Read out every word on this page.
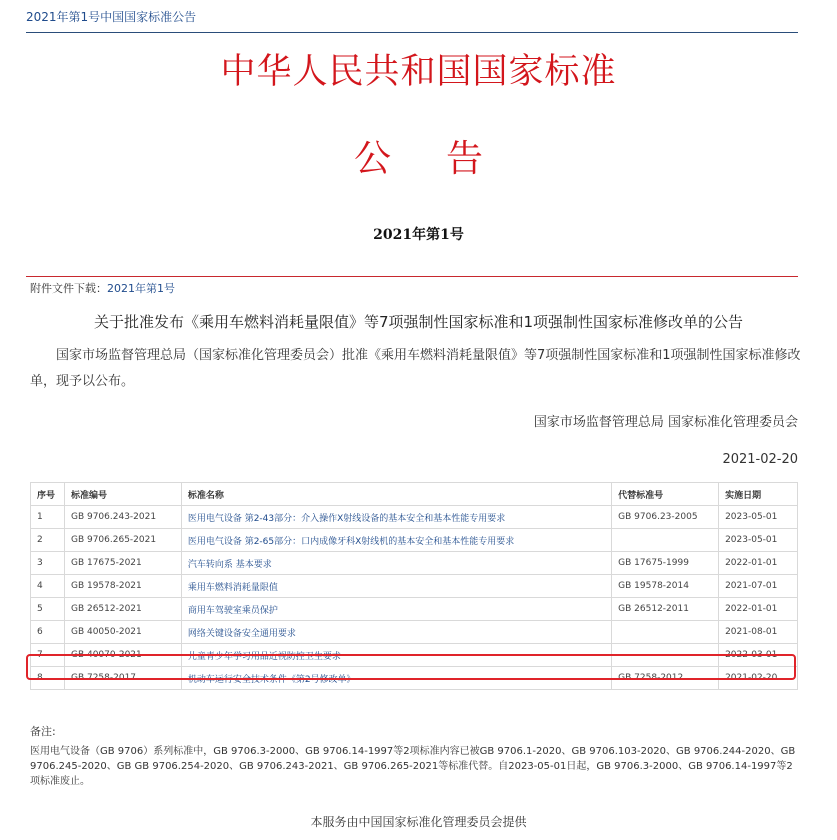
2021年第1号中国国家标准公告
中华人民共和国国家标准
公 告
2021年第1号
附件文件下载：2021年第1号
关于批准发布《乘用车燃料消耗量限值》等7项强制性国家标准和1项强制性国家标准修改单的公告

国家市场监督管理总局（国家标准化管理委员会）批准《乘用车燃料消耗量限值》等7项强制性国家标准和1项强制性国家标准修改单，现予以公布。

国家市场监督管理总局 国家标准化管理委员会
2021-02-20
序号	标准编号	标准名称	代替标准号	实施日期
1	GB 9706.243-2021	医用电气设备 第2-43部分：介入操作X射线设备的基本安全和基本性能专用要求	GB 9706.23-2005	2023-05-01
2	GB 9706.265-2021	医用电气设备 第2-65部分：口内成像牙科X射线机的基本安全和基本性能专用要求		2023-05-01
3	GB 17675-2021	汽车转向系 基本要求	GB 17675-1999	2022-01-01
4	GB 19578-2021	乘用车燃料消耗量限值	GB 19578-2014	2021-07-01
5	GB 26512-2021	商用车驾驶室乘员保护	GB 26512-2011	2022-01-01
6	GB 40050-2021	网络关键设备安全通用要求		2021-08-01
7	GB 40070-2021	儿童青少年学习用品近视防控卫生要求		2022-03-01
8	GB 7258-2017	机动车运行安全技术条件《第2号修改单》	GB 7258-2012	2021-02-20
备注:

医用电气设备（GB 9706）系列标准中，GB 9706.3-2000、GB 9706.14-1997等2项标准内容已被GB 9706.1-2020、GB 9706.103-2020、GB 9706.244-2020、GB 9706.245-2020、GB GB 9706.254-2020、GB 9706.243-2021、GB 9706.265-2021等标准代替。自2023-05-01日起，GB 9706.3-2000、GB 9706.14-1997等2项标准废止。

本服务由中国国家标准化管理委员会提供
